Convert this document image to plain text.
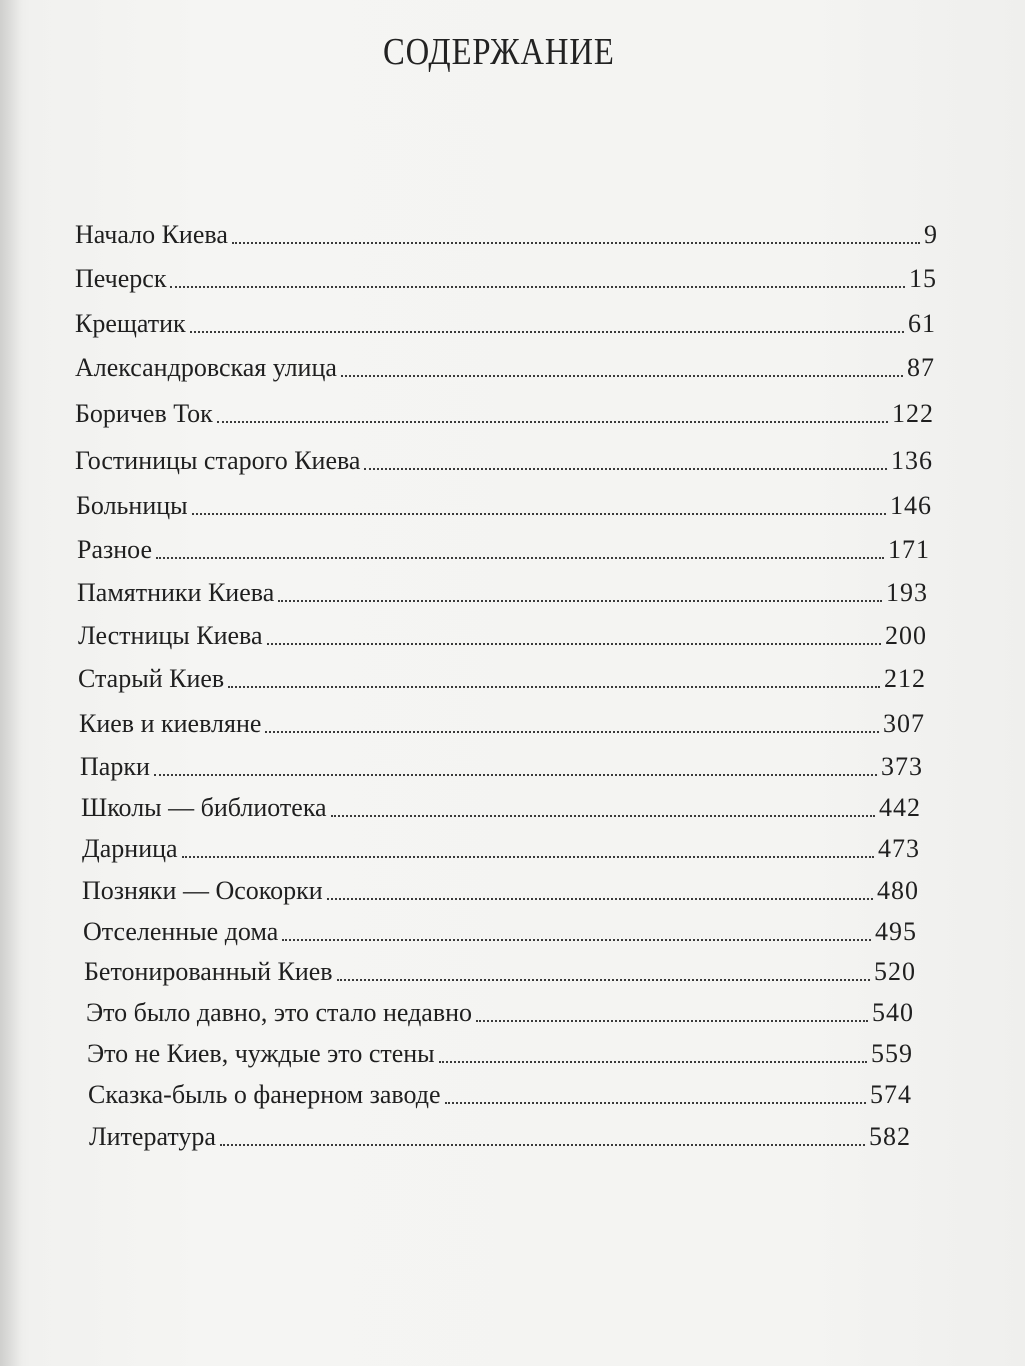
СОДЕРЖАНИЕ
Начало Киева	9
Печерск	15
Крещатик	61
Александровская улица	87
Боричев Ток	122
Гостиницы старого Киева	136
Больницы	146
Разное	171
Памятники Киева	193
Лестницы Киева	200
Старый Киев	212
Киев и киевляне	307
Парки	373
Школы — библиотека	442
Дарница	473
Позняки — Осокорки	480
Отселенные дома	495
Бетонированный Киев	520
Это было давно, это стало недавно	540
Это не Киев, чуждые это стены	559
Сказка-быль о фанерном заводе	574
Литература	582
